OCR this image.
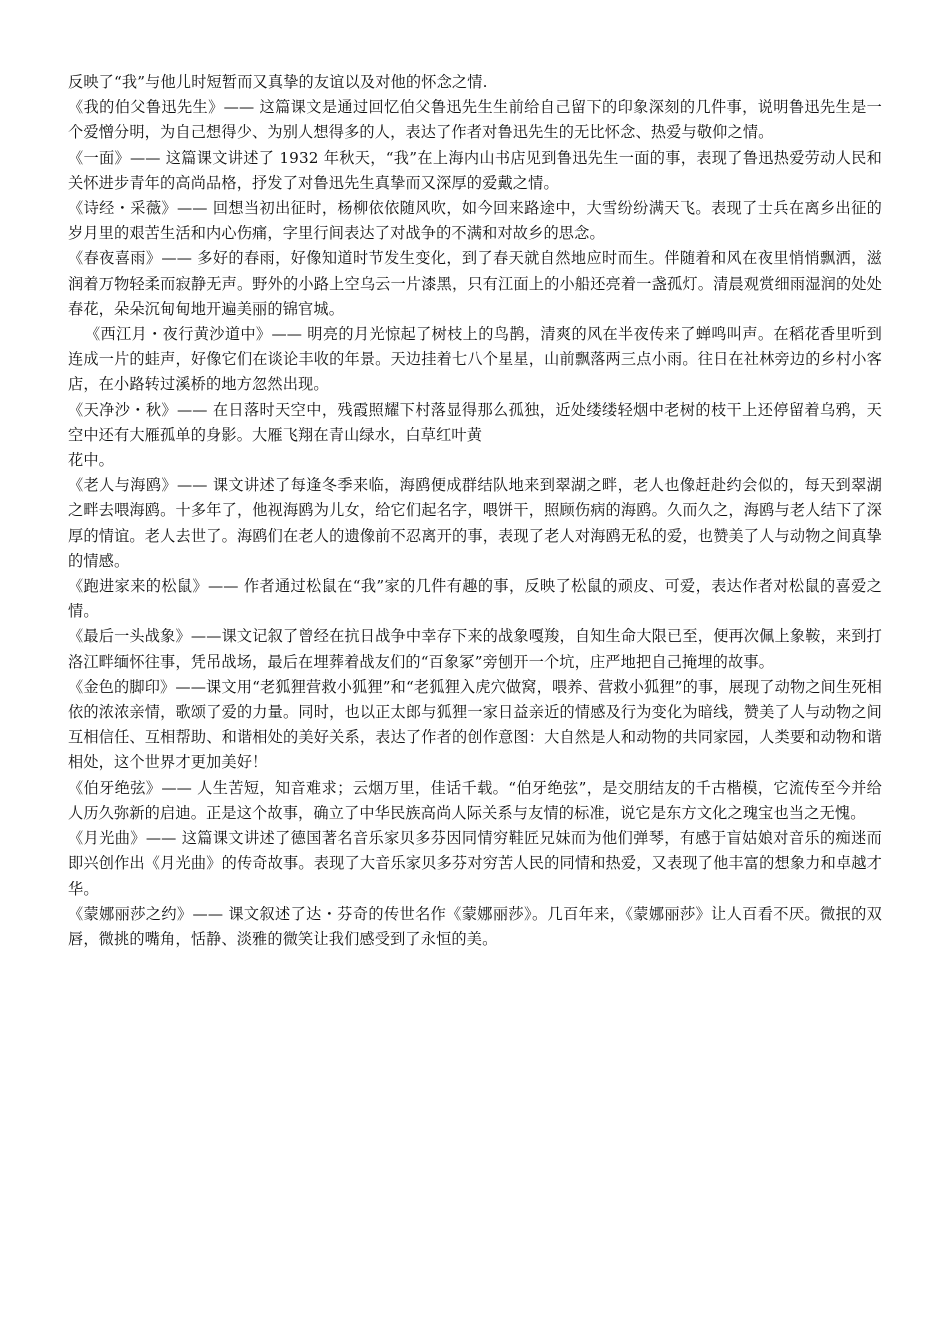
反映了“我”与他儿时短暂而又真挚的友谊以及对他的怀念之情.

《我的伯父鲁迅先生》—— 这篇课文是通过回忆伯父鲁迅先生生前给自己留下的印象深刻的几件事，说明鲁迅先生是一个爱憎分明，为自己想得少、为别人想得多的人，表达了作者对鲁迅先生的无比怀念、热爱与敬仰之情。

《一面》—— 这篇课文讲述了 1932 年秋天，“我”在上海内山书店见到鲁迅先生一面的事，表现了鲁迅热爱劳动人民和关怀进步青年的高尚品格，抒发了对鲁迅先生真挚而又深厚的爱戴之情。

《诗经・采薇》—— 回想当初出征时，杨柳依依随风吹，如今回来路途中，大雪纷纷满天飞。表现了士兵在离乡出征的岁月里的艰苦生活和内心伤痛，字里行间表达了对战争的不满和对故乡的思念。

《春夜喜雨》—— 多好的春雨，好像知道时节发生变化，到了春天就自然地应时而生。伴随着和风在夜里悄悄飘洒，滋润着万物轻柔而寂静无声。野外的小路上空乌云一片漆黑，只有江面上的小船还亮着一盏孤灯。清晨观赏细雨湿润的处处春花，朵朵沉甸甸地开遍美丽的锦官城。

《西江月・夜行黄沙道中》—— 明亮的月光惊起了树枝上的鸟鹊，清爽的风在半夜传来了蝉鸣叫声。在稻花香里听到连成一片的蛙声，好像它们在谈论丰收的年景。天边挂着七八个星星，山前飘落两三点小雨。往日在社林旁边的乡村小客店，在小路转过溪桥的地方忽然出现。

《天净沙・秋》—— 在日落时天空中，残霞照耀下村落显得那么孤独，近处缕缕轻烟中老树的枝干上还停留着乌鸦，天空中还有大雁孤单的身影。大雁飞翔在青山绿水，白草红叶黄

花中。

《老人与海鸥》—— 课文讲述了每逢冬季来临，海鸥便成群结队地来到翠湖之畔，老人也像赶赴约会似的，每天到翠湖之畔去喂海鸥。十多年了，他视海鸥为儿女，给它们起名字，喂饼干，照顾伤病的海鸥。久而久之，海鸥与老人结下了深厚的情谊。老人去世了。海鸥们在老人的遗像前不忍离开的事，表现了老人对海鸥无私的爱，也赞美了人与动物之间真挚的情感。

《跑进家来的松鼠》—— 作者通过松鼠在“我”家的几件有趣的事，反映了松鼠的顽皮、可爱，表达作者对松鼠的喜爱之情。

《最后一头战象》——课文记叙了曾经在抗日战争中幸存下来的战象嘎羧，自知生命大限已至，便再次佩上象鞍，来到打洛江畔缅怀往事，凭吊战场，最后在埋葬着战友们的“百象冢”旁刨开一个坑，庄严地把自己掩埋的故事。

《金色的脚印》——课文用“老狐狸营救小狐狸”和“老狐狸入虎穴做窝，喂养、营救小狐狸”的事，展现了动物之间生死相依的浓浓亲情，歌颂了爱的力量。同时，也以正太郎与狐狸一家日益亲近的情感及行为变化为暗线，赞美了人与动物之间互相信任、互相帮助、和谐相处的美好关系，表达了作者的创作意图：大自然是人和动物的共同家园，人类要和动物和谐相处，这个世界才更加美好！

《伯牙绝弦》—— 人生苦短，知音难求；云烟万里，佳话千载。“伯牙绝弦”，是交朋结友的千古楷模，它流传至今并给人历久弥新的启迪。正是这个故事，确立了中华民族高尚人际关系与友情的标准，说它是东方文化之瑰宝也当之无愧。

《月光曲》—— 这篇课文讲述了德国著名音乐家贝多芬因同情穷鞋匠兄妹而为他们弹琴，有感于盲姑娘对音乐的痴迷而即兴创作出《月光曲》的传奇故事。表现了大音乐家贝多芬对穷苦人民的同情和热爱，又表现了他丰富的想象力和卓越才华。

《蒙娜丽莎之约》—— 课文叙述了达・芬奇的传世名作《蒙娜丽莎》。几百年来，《蒙娜丽莎》让人百看不厌。微抿的双唇，微挑的嘴角，恬静、淡雅的微笑让我们感受到了永恒的美。
